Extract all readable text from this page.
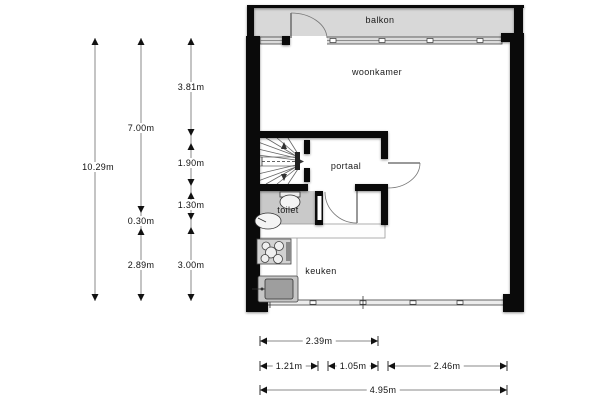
balkon
woonkamer
portaal
toilet
keuken
10.29m
7.00m
0.30m
2.89m
3.81m
1.90m
1.30m
3.00m
2.39m
1.21m	1.05m	2.46m
4.95m
